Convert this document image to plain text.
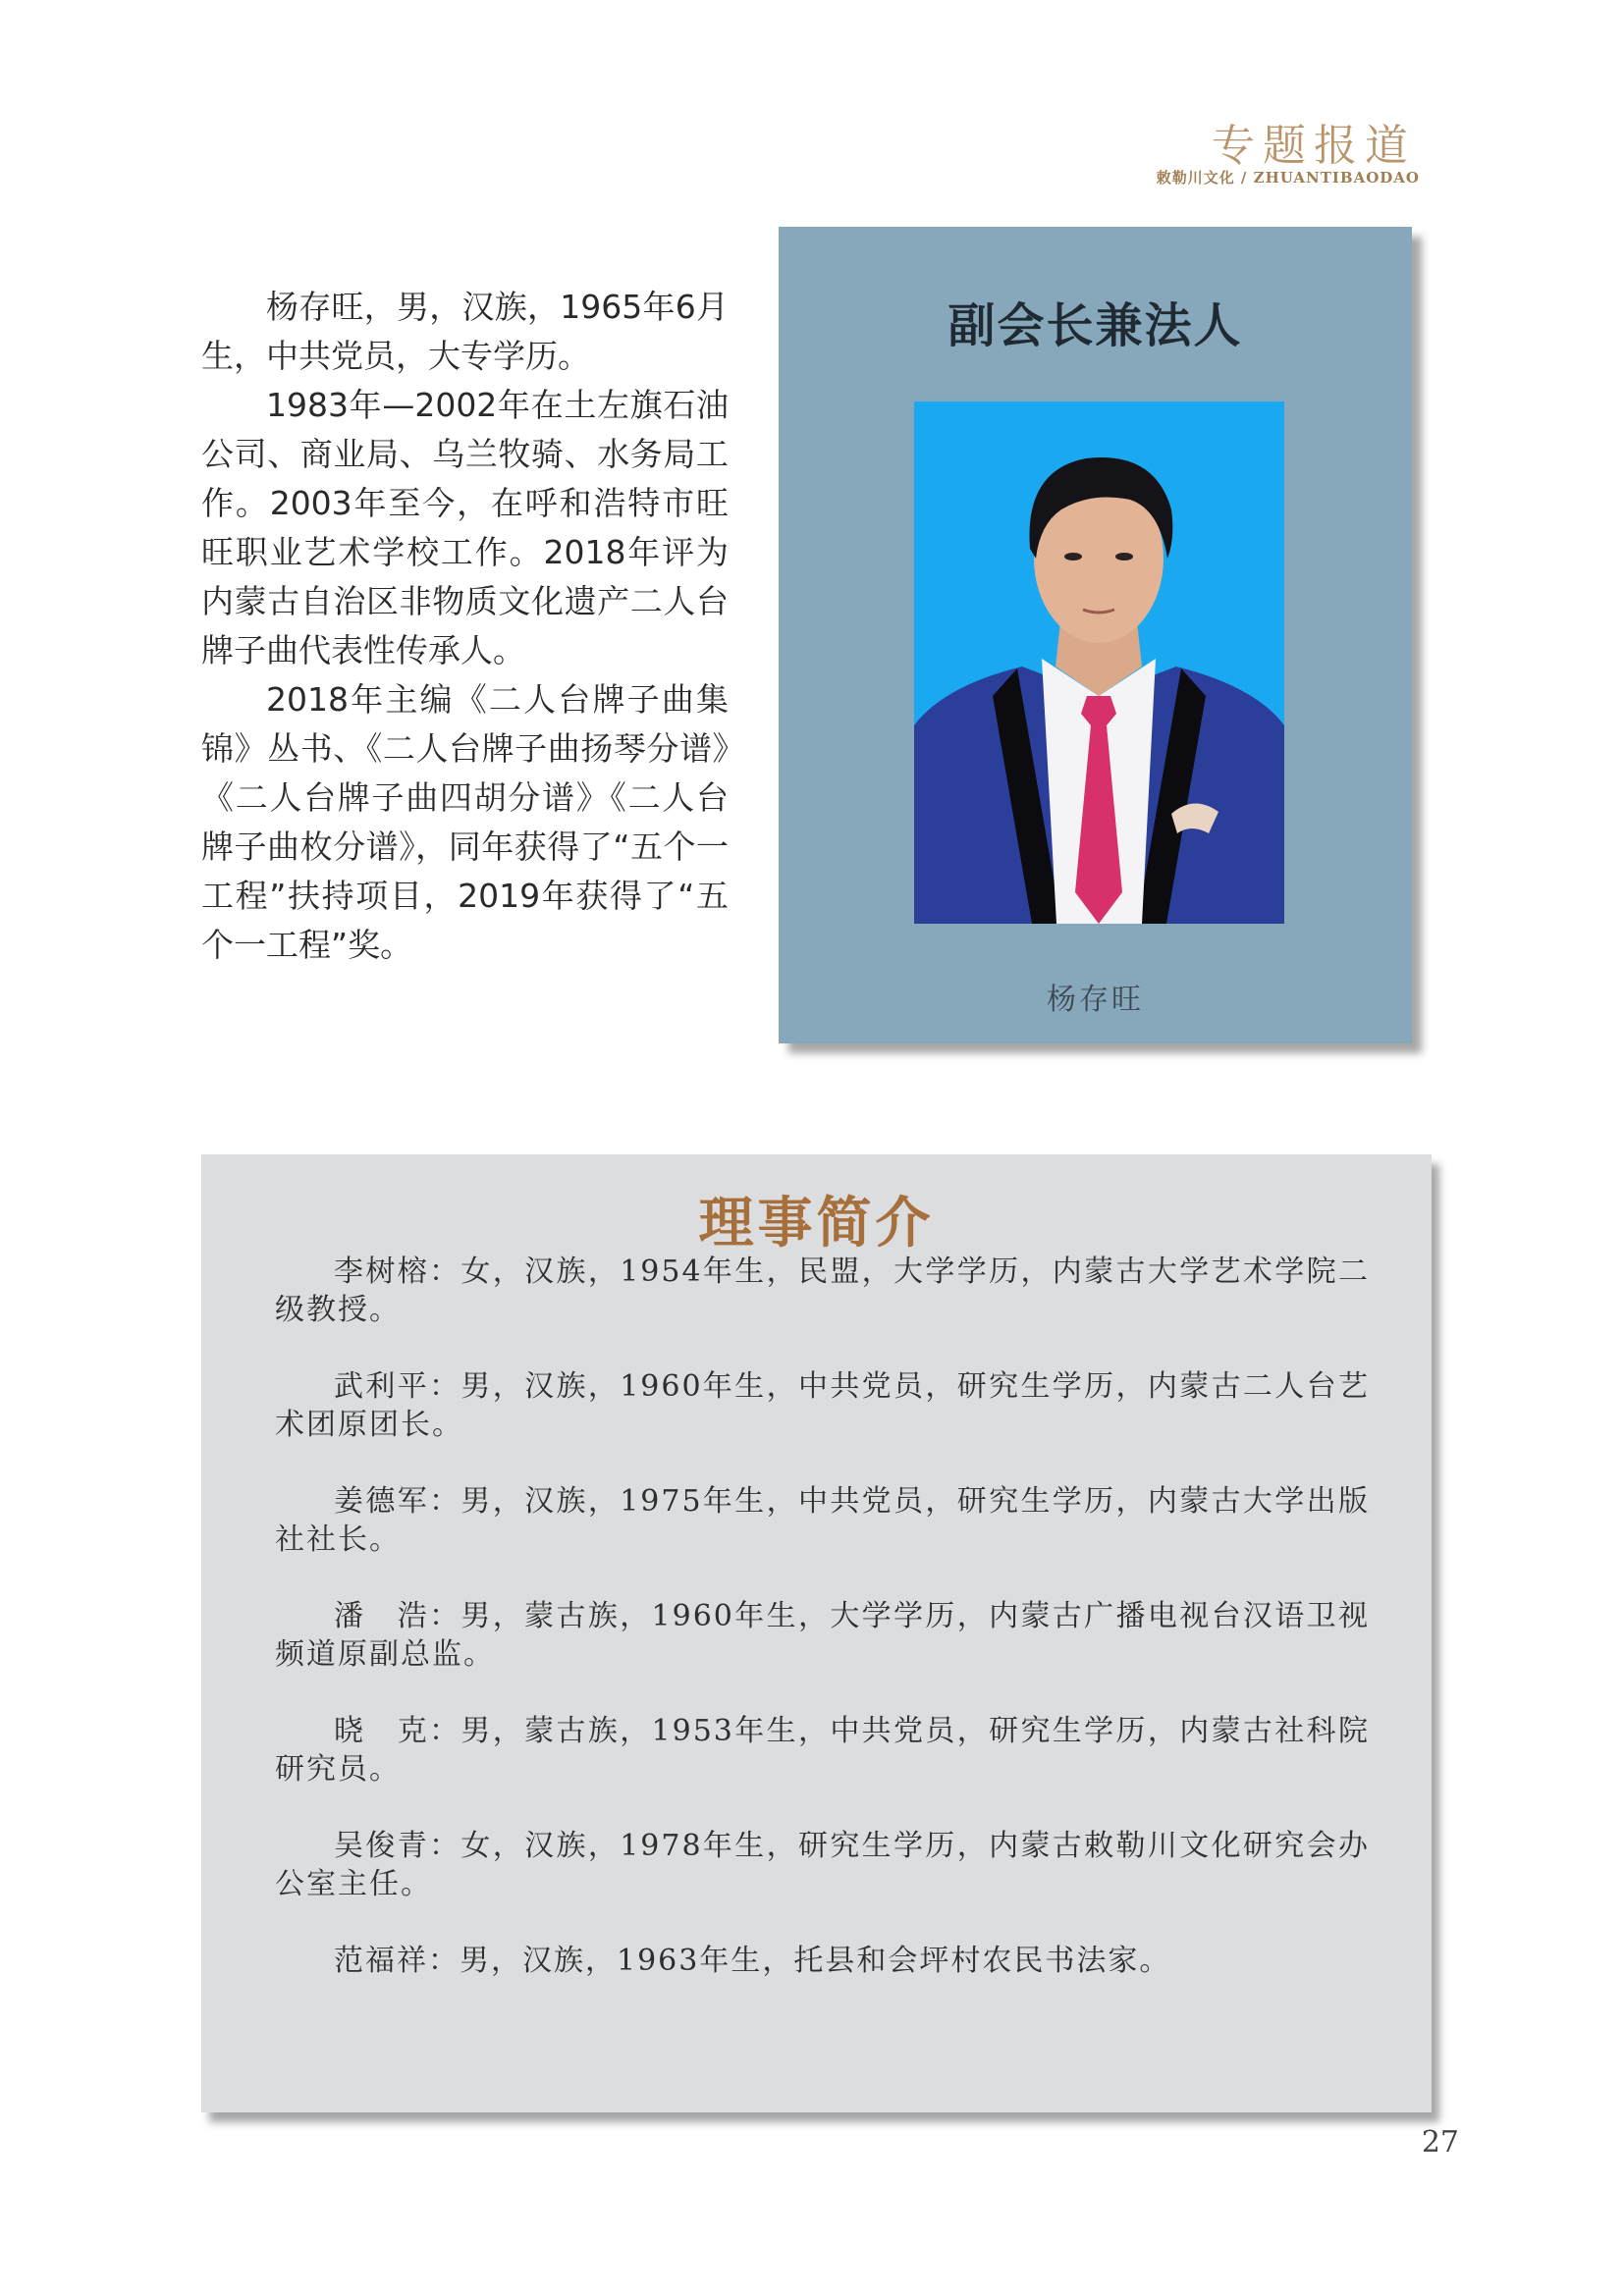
专题报道
敕勒川文化 / ZHUANTIBAODAO

杨存旺，男，汉族，1965年6月生，中共党员，大专学历。

1983年—2002年在土左旗石油公司、商业局、乌兰牧骑、水务局工作。2003年至今，在呼和浩特市旺旺职业艺术学校工作。2018年评为内蒙古自治区非物质文化遗产二人台牌子曲代表性传承人。

2018年主编《二人台牌子曲集锦》丛书、《二人台牌子曲扬琴分谱》《二人台牌子曲四胡分谱》《二人台牌子曲枚分谱》，同年获得了“五个一工程”扶持项目，2019年获得了“五个一工程”奖。

副会长兼法人
杨存旺
理事简介

李树榕：女，汉族，1954年生，民盟，大学学历，内蒙古大学艺术学院二级教授。

武利平：男，汉族，1960年生，中共党员，研究生学历，内蒙古二人台艺术团原团长。

姜德军：男，汉族，1975年生，中共党员，研究生学历，内蒙古大学出版社社长。

潘　浩：男，蒙古族，1960年生，大学学历，内蒙古广播电视台汉语卫视频道原副总监。

晓　克：男，蒙古族，1953年生，中共党员，研究生学历，内蒙古社科院研究员。

吴俊青：女，汉族，1978年生，研究生学历，内蒙古敕勒川文化研究会办公室主任。

范福祥：男，汉族，1963年生，托县和会坪村农民书法家。

27
